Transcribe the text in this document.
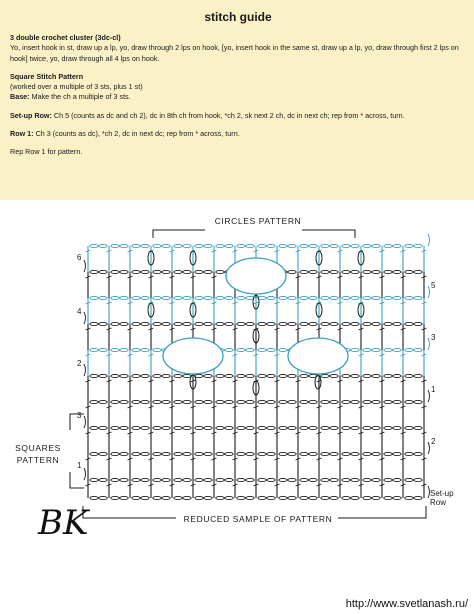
stitch guide
3 double crochet cluster (3dc-cl)
Yo, insert hook in st, draw up a lp, yo, draw through 2 lps on hook, [yo, insert hook in the same st, draw up a lp, yo, draw through first 2 lps on hook] twice, yo, draw through all 4 lps on hook.
Square Stitch Pattern
(worked over a multiple of 3 sts, plus 1 st)
Base: Make the ch a multiple of 3 sts.
Set-up Row: Ch 5 (counts as dc and ch 2), dc in 8th ch from hook, *ch 2, sk next 2 ch, dc in next ch; rep from * across, turn.
Row 1: Ch 3 (counts as dc), *ch 2, dc in next dc; rep from * across, turn.
Rep Row 1 for pattern.
CIRCLES PATTERN
6
4
2
3
1
5
3
1
2
SQUARES
PATTERN
Set-up
Row
REDUCED SAMPLE OF PATTERN
BK
http://www.svetlanash.ru/
